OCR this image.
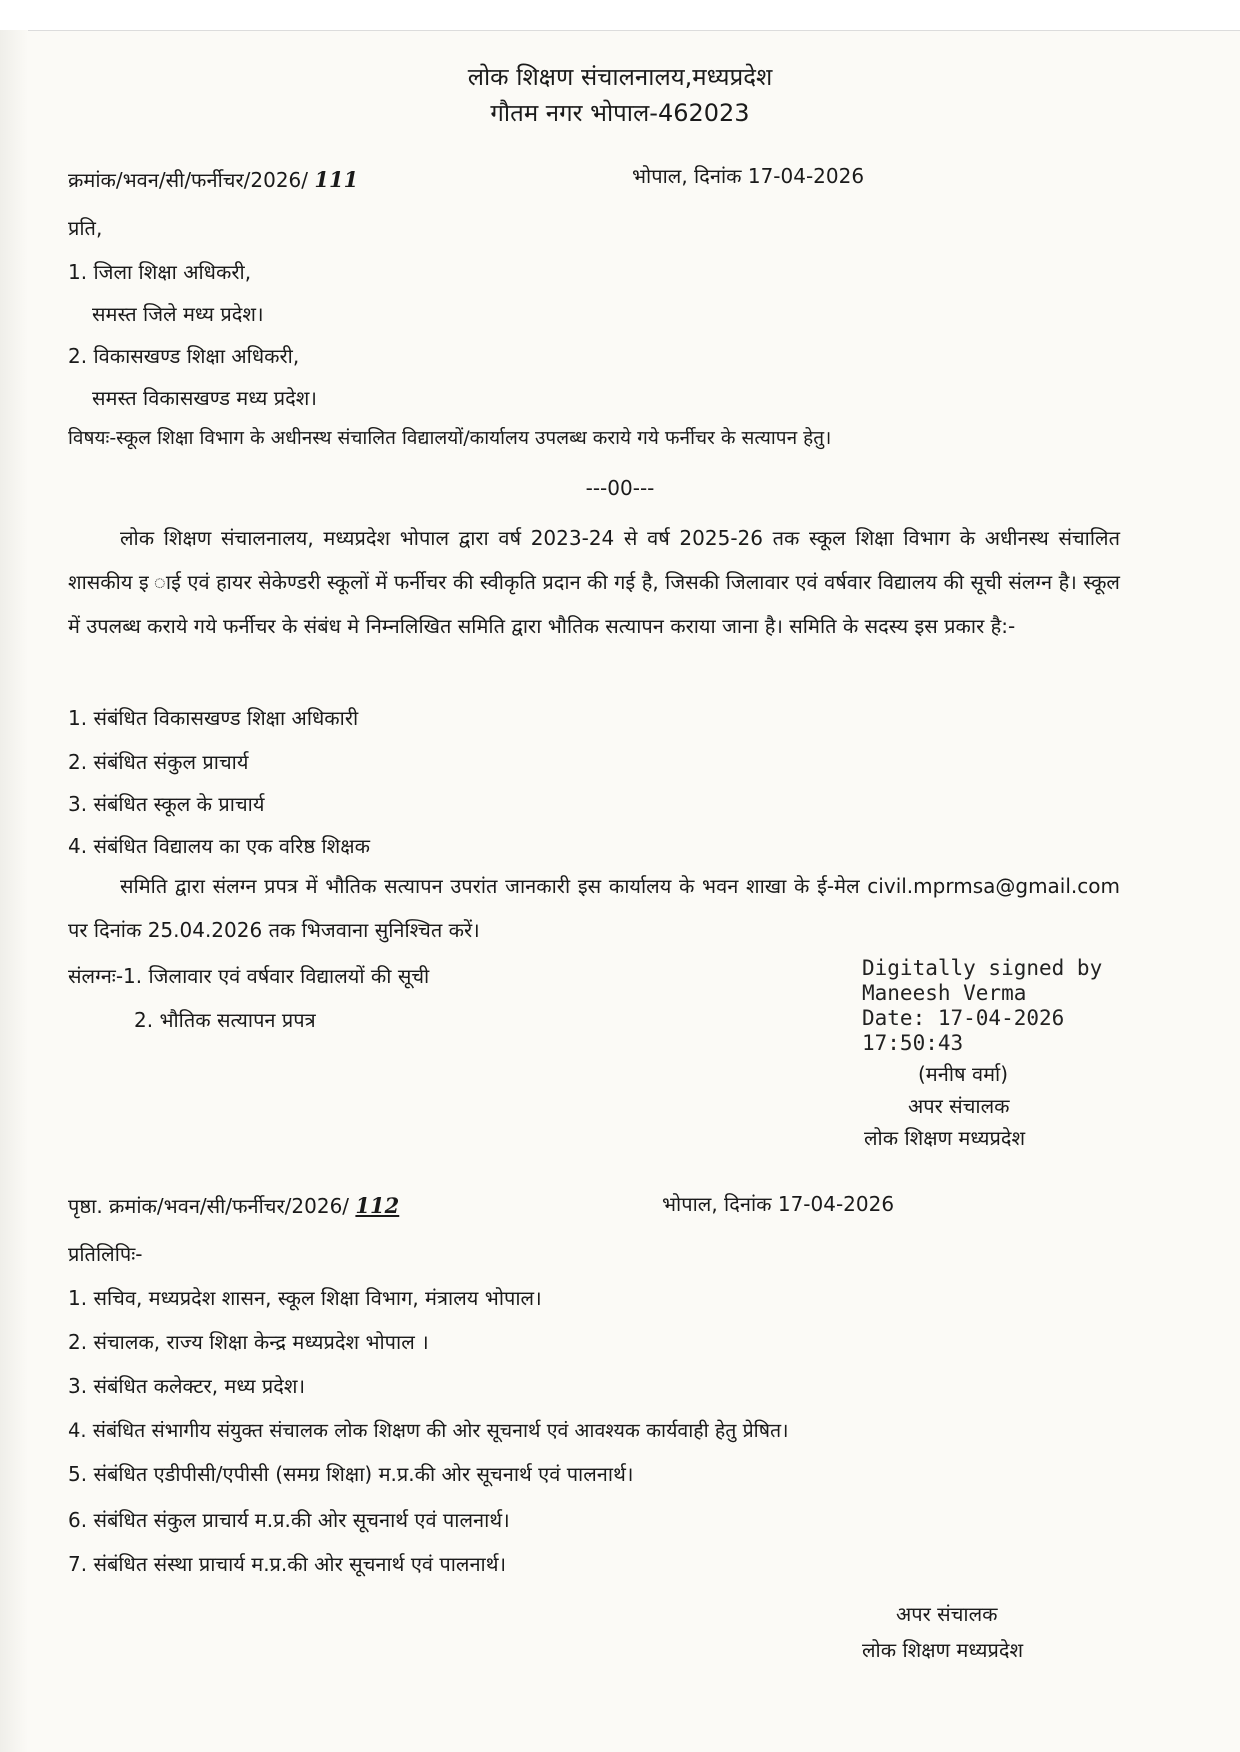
लोक शिक्षण संचालनालय,मध्यप्रदेश
गौतम नगर भोपाल-462023
क्रमांक/भवन/सी/फर्नीचर/2026/ 111	भोपाल, दिनांक 17-04-2026
प्रति,
1. जिला शिक्षा अधिकरी,
समस्त जिले मध्य प्रदेश।
2. विकासखण्ड शिक्षा अधिकरी,
समस्त विकासखण्ड मध्य प्रदेश।
विषयः-स्कूल शिक्षा विभाग के अधीनस्थ संचालित विद्यालयों/कार्यालय उपलब्ध कराये गये फर्नीचर के सत्यापन हेतु।
---00---
लोक शिक्षण संचालनालय, मध्यप्रदेश भोपाल द्वारा वर्ष 2023-24 से वर्ष 2025-26 तक स्कूल शिक्षा विभाग के अधीनस्थ संचालित शासकीय इ ाई एवं हायर सेकेण्डरी स्कूलों में फर्नीचर की स्वीकृति प्रदान की गई है, जिसकी जिलावार एवं वर्षवार विद्यालय की सूची संलग्न है। स्कूल में उपलब्ध कराये गये फर्नीचर के संबंध मे निम्नलिखित समिति द्वारा भौतिक सत्यापन कराया जाना है। समिति के सदस्य इस प्रकार है:-
1. संबंधित विकासखण्ड शिक्षा अधिकारी
2. संबंधित संकुल प्राचार्य
3. संबंधित स्कूल के प्राचार्य
4. संबंधित विद्यालय का एक वरिष्ठ शिक्षक
समिति द्वारा संलग्न प्रपत्र में भौतिक सत्यापन उपरांत जानकारी इस कार्यालय के भवन शाखा के ई-मेल civil.mprmsa@gmail.com पर दिनांक 25.04.2026 तक भिजवाना सुनिश्चित करें।
संलग्नः-1. जिलावार एवं वर्षवार विद्यालयों की सूची
2. भौतिक सत्यापन प्रपत्र
Digitally signed by
Maneesh Verma
Date: 17-04-2026
17:50:43
(मनीष वर्मा)
अपर संचालक
लोक शिक्षण मध्यप्रदेश
पृष्ठा. क्रमांक/भवन/सी/फर्नीचर/2026/ 112	भोपाल, दिनांक 17-04-2026
प्रतिलिपिः-
1. सचिव, मध्यप्रदेश शासन, स्कूल शिक्षा विभाग, मंत्रालय भोपाल।
2. संचालक, राज्य शिक्षा केन्द्र मध्यप्रदेश भोपाल ।
3. संबंधित कलेक्टर, मध्य प्रदेश।
4. संबंधित संभागीय संयुक्त संचालक लोक शिक्षण की ओर सूचनार्थ एवं आवश्यक कार्यवाही हेतु प्रेषित।
5. संबंधित एडीपीसी/एपीसी (समग्र शिक्षा) म.प्र.की ओर सूचनार्थ एवं पालनार्थ।
6. संबंधित संकुल प्राचार्य म.प्र.की ओर सूचनार्थ एवं पालनार्थ।
7. संबंधित संस्था प्राचार्य म.प्र.की ओर सूचनार्थ एवं पालनार्थ।
अपर संचालक
लोक शिक्षण मध्यप्रदेश
